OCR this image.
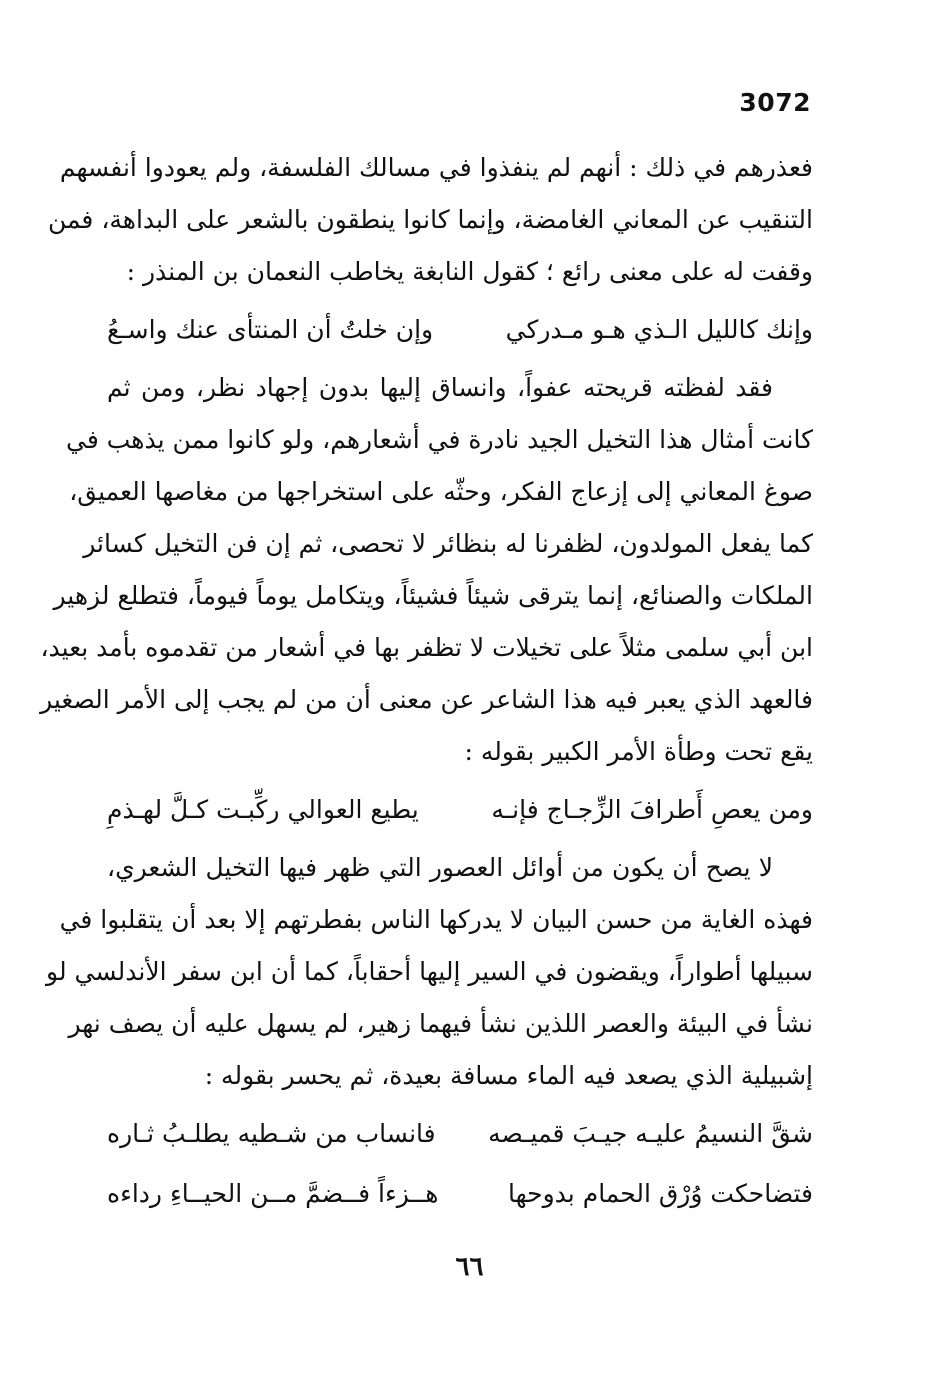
3072
فعذرهم في ذلك : أنهم لم ينفذوا في مسالك الفلسفة، ولم يعودوا أنفسهم
التنقيب عن المعاني الغامضة، وإنما كانوا ينطقون بالشعر على البداهة، فمن
وقفت له على معنى رائع ؛ كقول النابغة يخاطب النعمان بن المنذر :
وإنك كالليل الـذي هـو مـدركي
وإن خلتُ أن المنتأى عنك واسـعُ
فقد لفظته قريحته عفواً، وانساق إليها بدون إجهاد نظر، ومن ثم
كانت أمثال هذا التخيل الجيد نادرة في أشعارهم، ولو كانوا ممن يذهب في
صوغ المعاني إلى إزعاج الفكر، وحثّه على استخراجها من مغاصها العميق،
كما يفعل المولدون، لظفرنا له بنظائر لا تحصى، ثم إن فن التخيل كسائر
الملكات والصنائع، إنما يترقى شيئاً فشيئاً، ويتكامل يوماً فيوماً، فتطلع لزهير
ابن أبي سلمى مثلاً على تخيلات لا تظفر بها في أشعار من تقدموه بأمد بعيد،
فالعهد الذي يعبر فيه هذا الشاعر عن معنى أن من لم يجب إلى الأمر الصغير
يقع تحت وطأة الأمر الكبير بقوله :
ومن يعصِ أَطرافَ الزِّجـاج فإنـه
يطيع العوالي ركِّبـت كـلَّ لهـذمِ
لا يصح أن يكون من أوائل العصور التي ظهر فيها التخيل الشعري،
فهذه الغاية من حسن البيان لا يدركها الناس بفطرتهم إلا بعد أن يتقلبوا في
سبيلها أطواراً، ويقضون في السير إليها أحقاباً، كما أن ابن سفر الأندلسي لو
نشأ في البيئة والعصر اللذين نشأ فيهما زهير، لم يسهل عليه أن يصف نهر
إشبيلية الذي يصعد فيه الماء مسافة بعيدة، ثم يحسر بقوله :
شقَّ النسيمُ عليـه جيـبَ قميـصه
فانساب من شـطيه يطلـبُ ثـاره
فتضاحكت وُرْق الحمام بدوحها
هــزءاً فــضمَّ مــن الحيــاءِ رداءه
٦٦
